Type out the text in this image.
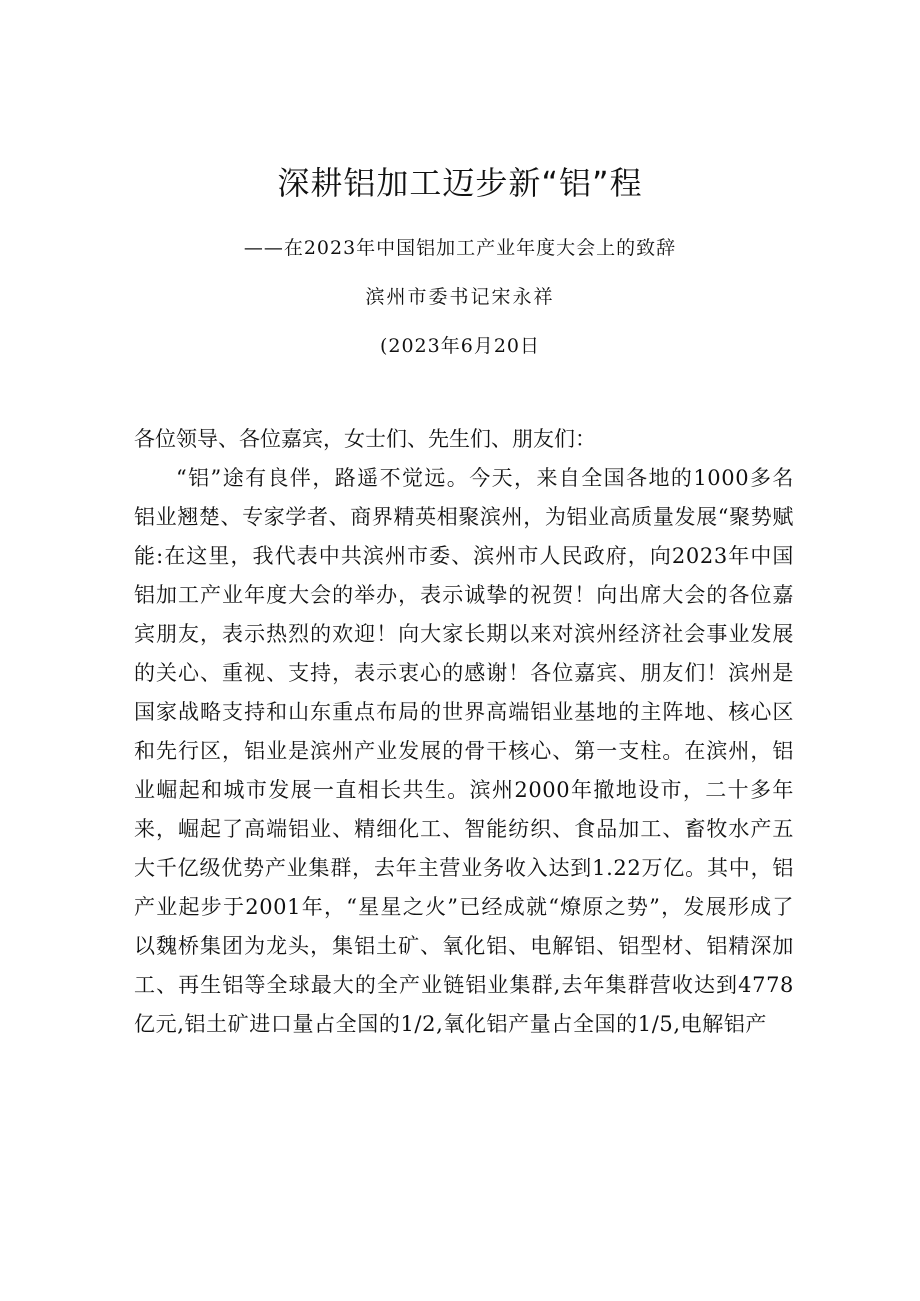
深耕铝加工迈步新“铝”程

——在2023年中国铝加工产业年度大会上的致辞

滨州市委书记宋永祥

(2023年6月20日

各位领导、各位嘉宾，女士们、先生们、朋友们：

“铝”途有良伴，路遥不觉远。今天，来自全国各地的1000多名铝业翘楚、专家学者、商界精英相聚滨州，为铝业高质量发展“聚势赋能:在这里，我代表中共滨州市委、滨州市人民政府，向2023年中国铝加工产业年度大会的举办，表示诚挚的祝贺！向出席大会的各位嘉宾朋友，表示热烈的欢迎！向大家长期以来对滨州经济社会事业发展的关心、重视、支持，表示衷心的感谢！各位嘉宾、朋友们！滨州是国家战略支持和山东重点布局的世界高端铝业基地的主阵地、核心区和先行区，铝业是滨州产业发展的骨干核心、第一支柱。在滨州，铝业崛起和城市发展一直相长共生。滨州2000年撤地设市，二十多年来，崛起了高端铝业、精细化工、智能纺织、食品加工、畜牧水产五大千亿级优势产业集群，去年主营业务收入达到1.22万亿。其中，铝产业起步于2001年，“星星之火”已经成就“燎原之势”，发展形成了以魏桥集团为龙头，集铝土矿、氧化铝、电解铝、铝型材、铝精深加工、再生铝等全球最大的全产业链铝业集群,去年集群营收达到4778亿元,铝土矿进口量占全国的1/2,氧化铝产量占全国的1/5,电解铝产
